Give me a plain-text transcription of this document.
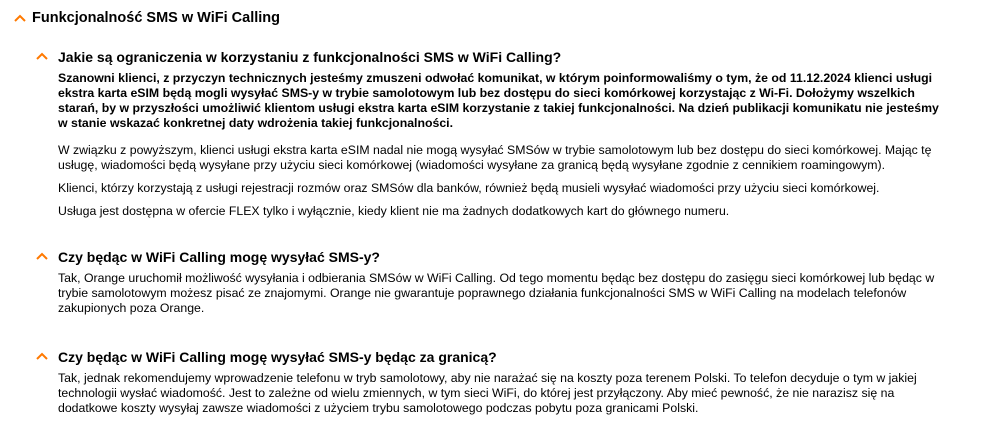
Funkcjonalność SMS w WiFi Calling
Jakie są ograniczenia w korzystaniu z funkcjonalności SMS w WiFi Calling?

Szanowni klienci, z przyczyn technicznych jesteśmy zmuszeni odwołać komunikat, w którym poinformowaliśmy o tym, że od 11.12.2024 klienci usługi ekstra karta eSIM będą mogli wysyłać SMS-y w trybie samolotowym lub bez dostępu do sieci komórkowej korzystając z Wi-Fi. Dołożymy wszelkich starań, by w przyszłości umożliwić klientom usługi ekstra karta eSIM korzystanie z takiej funkcjonalności. Na dzień publikacji komunikatu nie jesteśmy w stanie wskazać konkretnej daty wdrożenia takiej funkcjonalności.

W związku z powyższym, klienci usługi ekstra karta eSIM nadal nie mogą wysyłać SMSów w trybie samolotowym lub bez dostępu do sieci komórkowej. Mając tę usługę, wiadomości będą wysyłane przy użyciu sieci komórkowej (wiadomości wysyłane za granicą będą wysyłane zgodnie z cennikiem roamingowym).

Klienci, którzy korzystają z usługi rejestracji rozmów oraz SMSów dla banków, również będą musieli wysyłać wiadomości przy użyciu sieci komórkowej.

Usługa jest dostępna w ofercie FLEX tylko i wyłącznie, kiedy klient nie ma żadnych dodatkowych kart do głównego numeru.

Czy będąc w WiFi Calling mogę wysyłać SMS-y?

Tak, Orange uruchomił możliwość wysyłania i odbierania SMSów w WiFi Calling. Od tego momentu będąc bez dostępu do zasięgu sieci komórkowej lub będąc w trybie samolotowym możesz pisać ze znajomymi. Orange nie gwarantuje poprawnego działania funkcjonalności SMS w WiFi Calling na modelach telefonów zakupionych poza Orange.

Czy będąc w WiFi Calling mogę wysyłać SMS-y będąc za granicą?

Tak, jednak rekomendujemy wprowadzenie telefonu w tryb samolotowy, aby nie narażać się na koszty poza terenem Polski. To telefon decyduje o tym w jakiej technologii wysłać wiadomość. Jest to zależne od wielu zmiennych, w tym sieci WiFi, do której jest przyłączony. Aby mieć pewność, że nie narazisz się na dodatkowe koszty wysyłaj zawsze wiadomości z użyciem trybu samolotowego podczas pobytu poza granicami Polski.
